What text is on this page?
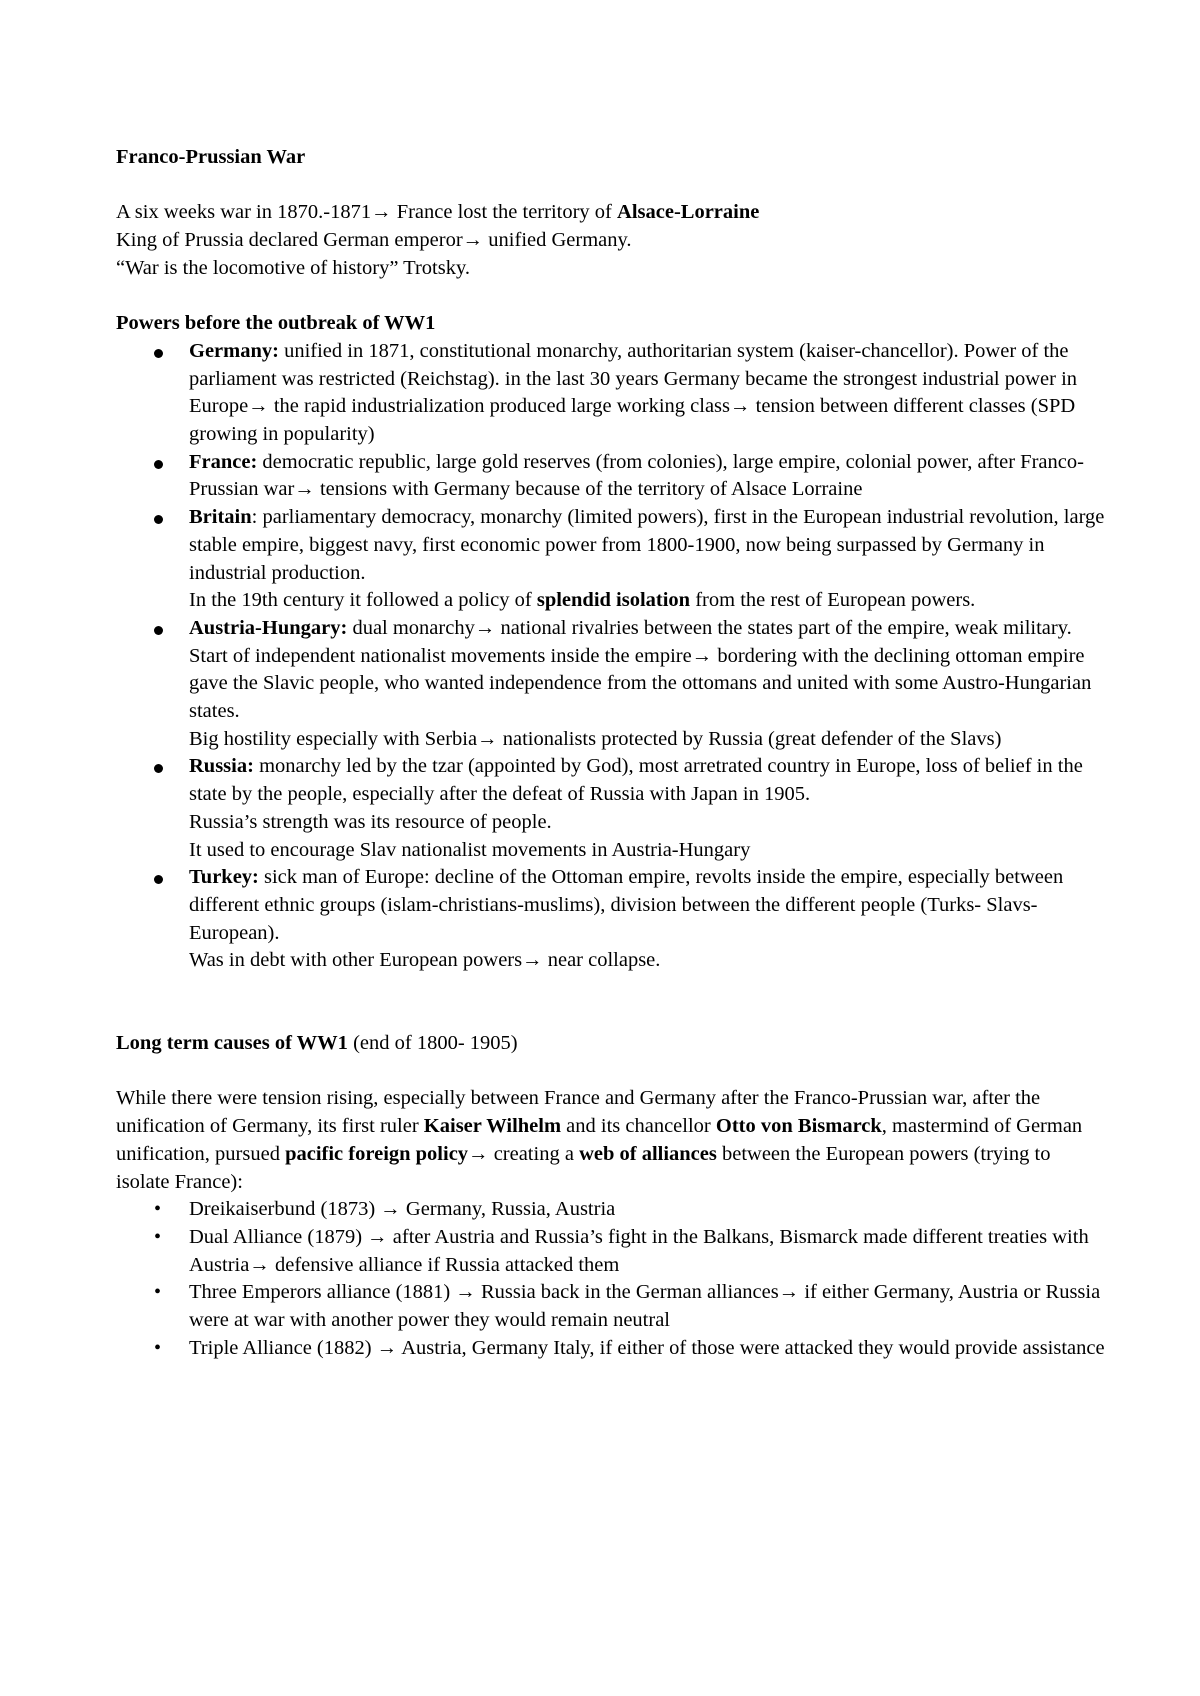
Franco-Prussian War

A six weeks war in 1870.-1871→ France lost the territory of Alsace-Lorraine

King of Prussia declared German emperor→ unified Germany.

“War is the locomotive of history” Trotsky.

Powers before the outbreak of WW1

Germany: unified in 1871, constitutional monarchy, authoritarian system (kaiser-chancellor). Power of the parliament was restricted (Reichstag). in the last 30 years Germany became the strongest industrial power in Europe→ the rapid industrialization produced large working class→ tension between different classes (SPD growing in popularity)

France: democratic republic, large gold reserves (from colonies), large empire, colonial power, after Franco-Prussian war→ tensions with Germany because of the territory of Alsace Lorraine

Britain: parliamentary democracy, monarchy (limited powers), first in the European industrial revolution, large stable empire, biggest navy, first economic power from 1800-1900, now being surpassed by Germany in industrial production.

In the 19th century it followed a policy of splendid isolation from the rest of European powers.

Austria-Hungary: dual monarchy→ national rivalries between the states part of the empire, weak military.

Start of independent nationalist movements inside the empire→ bordering with the declining ottoman empire gave the Slavic people, who wanted independence from the ottomans and united with some Austro-Hungarian states.

Big hostility especially with Serbia→ nationalists protected by Russia (great defender of the Slavs)

Russia: monarchy led by the tzar (appointed by God), most arretrated country in Europe, loss of belief in the state by the people, especially after the defeat of Russia with Japan in 1905.

Russia’s strength was its resource of people.

It used to encourage Slav nationalist movements in Austria-Hungary

Turkey: sick man of Europe: decline of the Ottoman empire, revolts inside the empire, especially between different ethnic groups (islam-christians-muslims), division between the different people (Turks- Slavs- European).

Was in debt with other European powers→ near collapse.

Long term causes of WW1 (end of 1800- 1905)

While there were tension rising, especially between France and Germany after the Franco-Prussian war, after the unification of Germany, its first ruler Kaiser Wilhelm and its chancellor Otto von Bismarck, mastermind of German unification, pursued pacific foreign policy→ creating a web of alliances between the European powers (trying to isolate France):

• Dreikaiserbund (1873) → Germany, Russia, Austria
• Dual Alliance (1879) → after Austria and Russia’s fight in the Balkans, Bismarck made different treaties with Austria→ defensive alliance if Russia attacked them
• Three Emperors alliance (1881) → Russia back in the German alliances→ if either Germany, Austria or Russia were at war with another power they would remain neutral
• Triple Alliance (1882) → Austria, Germany Italy, if either of those were attacked they would provide assistance
